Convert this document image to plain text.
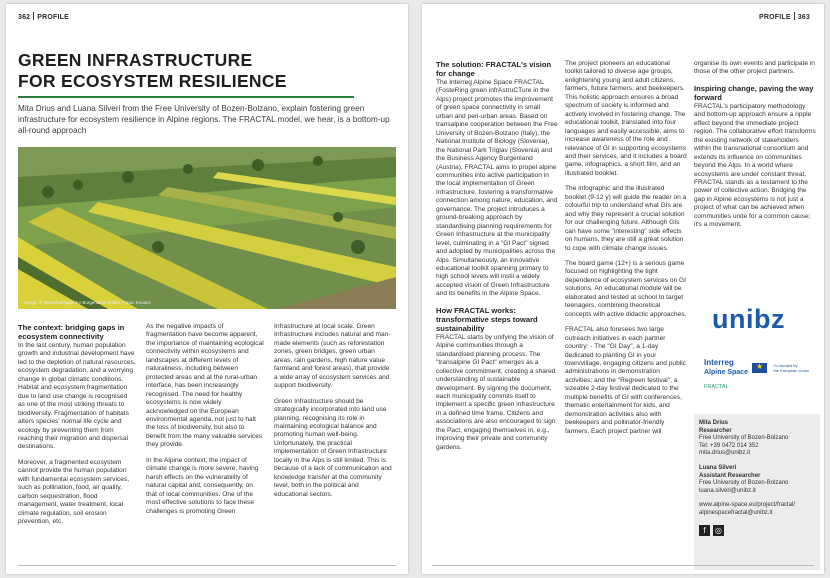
362 PROFILE
GREEN INFRASTRUCTURE
FOR ECOSYSTEM RESILIENCE
Mita Drius and Luana Silveri from the Free University of Bozen-Bolzano, explain fostering green infrastructure for ecosystem resilience in Alpine regions. The FRACTAL model, we hear, is a bottom-up all-round approach
Image: © Wirtschaftsagentur Burgenland GmbH, Fotos: Kovacs
The context: bridging gaps in ecosystem connectivity

In the last century, human population growth and industrial development have led to the depletion of natural resources, ecosystem degradation, and a worrying change in global climatic conditions. Habitat and ecosystem fragmentation due to land use change is recognised as one of the most striking threats to biodiversity. Fragmentation of habitats alters species' normal life cycle and ecology by preventing them from reaching their migration and dispersal destinations.

Moreover, a fragmented ecosystem cannot provide the human population with fundamental ecosystem services, such as pollination, food, air quality, carbon sequestration, flood management, water treatment, local climate regulation, soil erosion prevention, etc.

As the negative impacts of fragmentation have become apparent, the importance of maintaining ecological connectivity within ecosystems and landscapes at different levels of naturaliness, including between protected areas and at the rural-urban interface, has been increasingly recognised. The need for healthy ecosystems is now widely acknowledged on the European environmental agenda, not just to halt the loss of biodiversity, but also to benefit from the many valuable services they provide.

In the Alpine context, the impact of climate change is more severe, having harsh effects on the vulnerability of natural capital and, consequently, on that of local communities. One of the most effective solutions to face these challenges is promoting Green

Infrastructure at local scale. Green Infrastructure includes natural and man-made elements (such as reforestation zones, green bridges, green urban areas, rain gardens, high nature value farmland and forest areas), that provide a wide array of ecosystem services and support biodiversity.

Green Infrastructure should be strategically incorporated into land use planning, recognising its role in maintaining ecological balance and promoting human well-being. Unfortunately, the practical implementation of Green Infrastructure locally in the Alps is still limited. This is because of a lack of communication and knowledge transfer at the community level, both in the political and educational sectors.

PROFILE 363
The solution: FRACTAL's vision for change

The Interreg Alpine Space FRACTAL (FosteRing green infrAstruCTure in the Alps) project promotes the improvement of green space connectivity in small urban and peri-urban areas. Based on transalpine cooperation between the Free University of Bozen-Bolzano (Italy), the National Institute of Biology (Slovenia), the National Park Triglav (Slovenia) and the Business Agency Burgenland (Austria), FRACTAL aims to propel alpine communities into active participation in the local implementation of Green Infrastructure, fostering a transformative connection among nature, education, and governance. The project introduces a ground-breaking approach by standardising planning requirements for Green Infrastructure at the municipality level, culminating in a "GI Pact" signed and adopted by municipalities across the Alps. Simultaneously, an innovative educational toolkit spanning primary to high school levels will instil a widely accepted vision of Green Infrastructure and its benefits in the Alpine Space.

How FRACTAL works: transformative steps toward sustainability

FRACTAL starts by unifying the vision of Alpine communities through a standardised planning process. The "transalpine GI Pact" emerges as a collective commitment, creating a shared understanding of sustainable development. By signing the document, each municipality commits itself to implement a specific green infrastructure in a defined time frame. Citizens and associations are also encouraged to sign the Pact, engaging themselves in, e.g., improving their private and community gardens.

The project pioneers an educational toolkit tailored to diverse age groups, enlightening young and adult citizens, farmers, future farmers, and beekeepers. This holistic approach ensures a broad spectrum of society is informed and actively involved in fostering change. The educational toolkit, translated into four languages and easily accessible, aims to increase awareness of the role and relevance of GI in supporting ecosystems and their services, and it includes a board game, infographics, a short film, and an illustrated booklet.

The infographic and the illustrated booklet (9-12 y) will guide the reader on a colourful trip to understand what GIs are and why they represent a crucial solution for our challenging future. Although GIs can have some "interesting" side effects on humans, they are still a great solution to cope with climate change issues.

The board game (12+) is a serious game focused on highlighting the tight dependence of ecosystem services on GI solutions. An educational module will be elaborated and tested at school to target teenagers, combining theoretical concepts with active didactic approaches.

FRACTAL also foresees two large outreach initiatives in each partner country: - The "GI Day", a 1-day dedicated to planting GI in your town/village, engaging citizens and public administrations in demonstration activities; and the "Regreen festival", a sizeable 2-day festival dedicated to the multiple benefits of GI with conferences, thematic entertainment for kids, and demonstration activities also with beekeepers and pollinator-friendly farmers. Each project partner will

organise its own events and participate in those of the other project partners.

Inspiring change, paving the way forward

FRACTAL's participatory methodology and bottom-up approach ensure a ripple effect beyond the immediate project region. The collaborative effort transforms the existing network of stakeholders within the transnational consortium and extends its influence on communities beyond the Alps. In a world where ecosystems are under constant threat, FRACTAL stands as a testament to the power of collective action. Bridging the gap in Alpine ecosystems is not just a project of what can be achieved when communities unite for a common cause; it's a movement.

unibz
Interreg
Alpine Space
FRACTAL
★ Co-funded by
the European Union

Mita Drius
Researcher
Free University of Bozen-Bolzano
Tel: +39 0472 014 352
mita.drius@unibz.it

Luana Silveri
Assistant Researcher
Free University of Bozen-Bolzano
luana.silveri@unibz.it

www.alpine-space.eu/project/fractal/
alpinespacefractal@unibz.it

f ◎
